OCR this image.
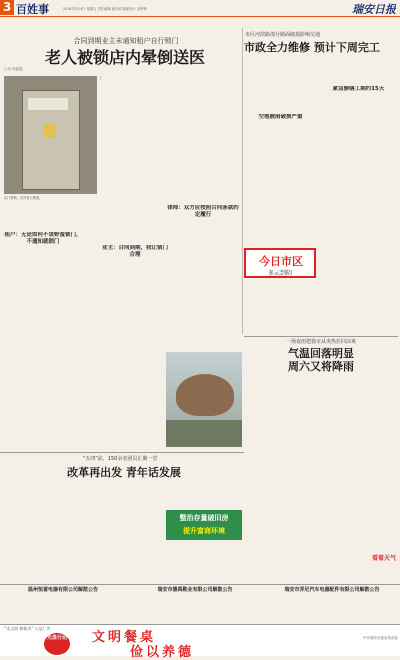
3 百姓事	2018年5月4日 星期五 责任编辑 谢行明 版面设计 金铮锋	瑞安日报
合同到期业主未通知租户自行锁门
老人被锁店内晕倒送医
记者 杨鑫鑫
店门被锁，店内老人晕倒。
了
租户：无论如何不该野蛮锁门，不通知就锁门
业主：合同到期，我让锁门合理
律师：双方应按照合同条款约定履行
市区河滨路部分路面破损影响交通
市政全力维修 预计下周完工
紧急修缮工期约15天
空地被雨破损严重
今日市区
多云到阴
一场夜雨把我市从炎热拉回凉爽
气温回落明显
周六又将降雨
看看天气
“五四”前，150余名团员汇聚一堂
改革再出发 青年话发展
整治存量破旧房
提升富商环境
温州恒富电器有限公司解散公告	瑞安市德禹鞋业有限公司解散公告	瑞安市弄尼汽车电器配件有限公司解散公告
“未文明 树新风” 公益广告
光盘行动 文明餐桌
俭以养德
中共瑞安市委宣传部宣
